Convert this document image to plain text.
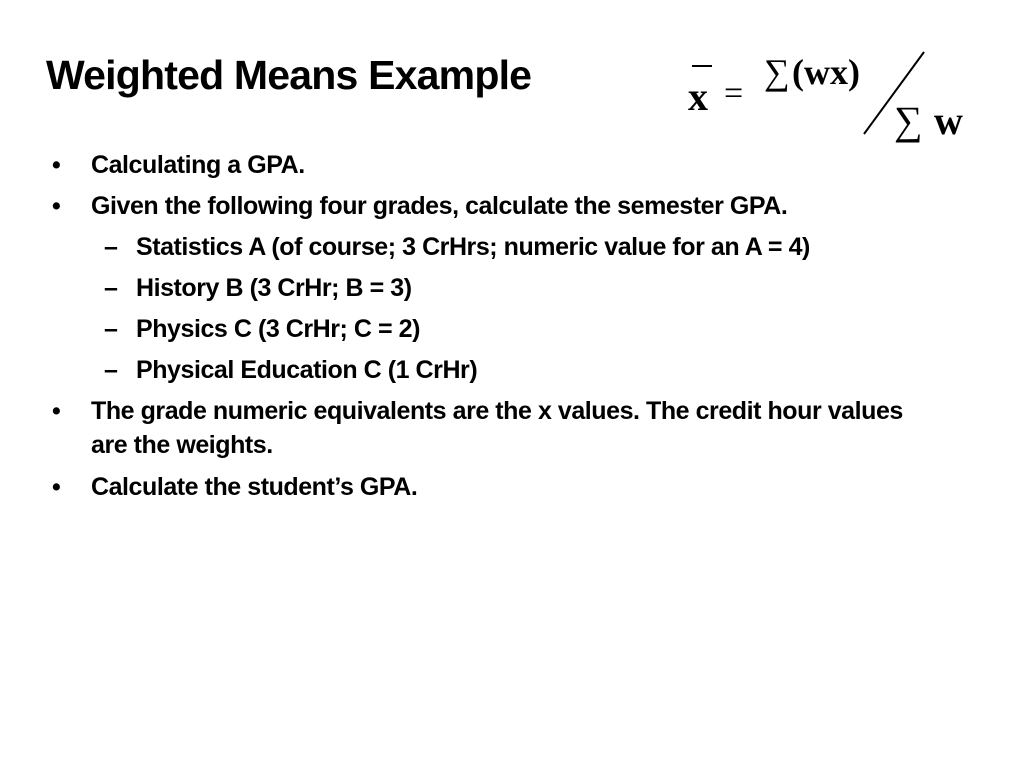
Weighted Means Example	x =
∑ (wx)
∑ w
• Calculating a GPA.
• Given the following four grades, calculate the semester GPA.
– Statistics A (of course; 3 CrHrs; numeric value for an A = 4)
– History B (3 CrHr; B = 3)
– Physics C (3 CrHr; C = 2)
– Physical Education C (1 CrHr)
• The grade numeric equivalents are the x values. The credit hour values are the weights.
• Calculate the student’s GPA.
